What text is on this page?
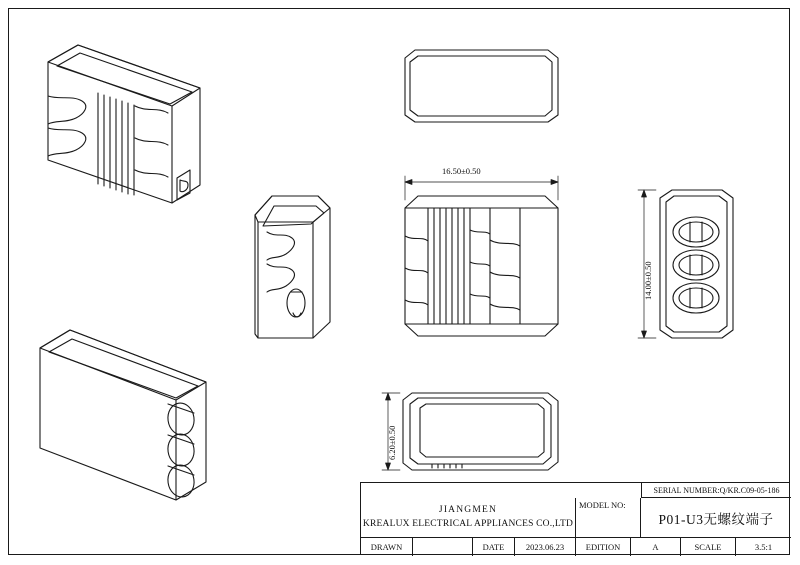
16.50±0.50
14.00±0.50
6.20±0.50
SERIAL NUMBER:Q/KR.C09-05-186
JIANGMEN
KREALUX ELECTRICAL APPLIANCES CO.,LTD
MODEL NO:
P01-U3无螺纹端子
DRAWN	DATE	2023.06.23	EDITION	A	SCALE	3.5:1
